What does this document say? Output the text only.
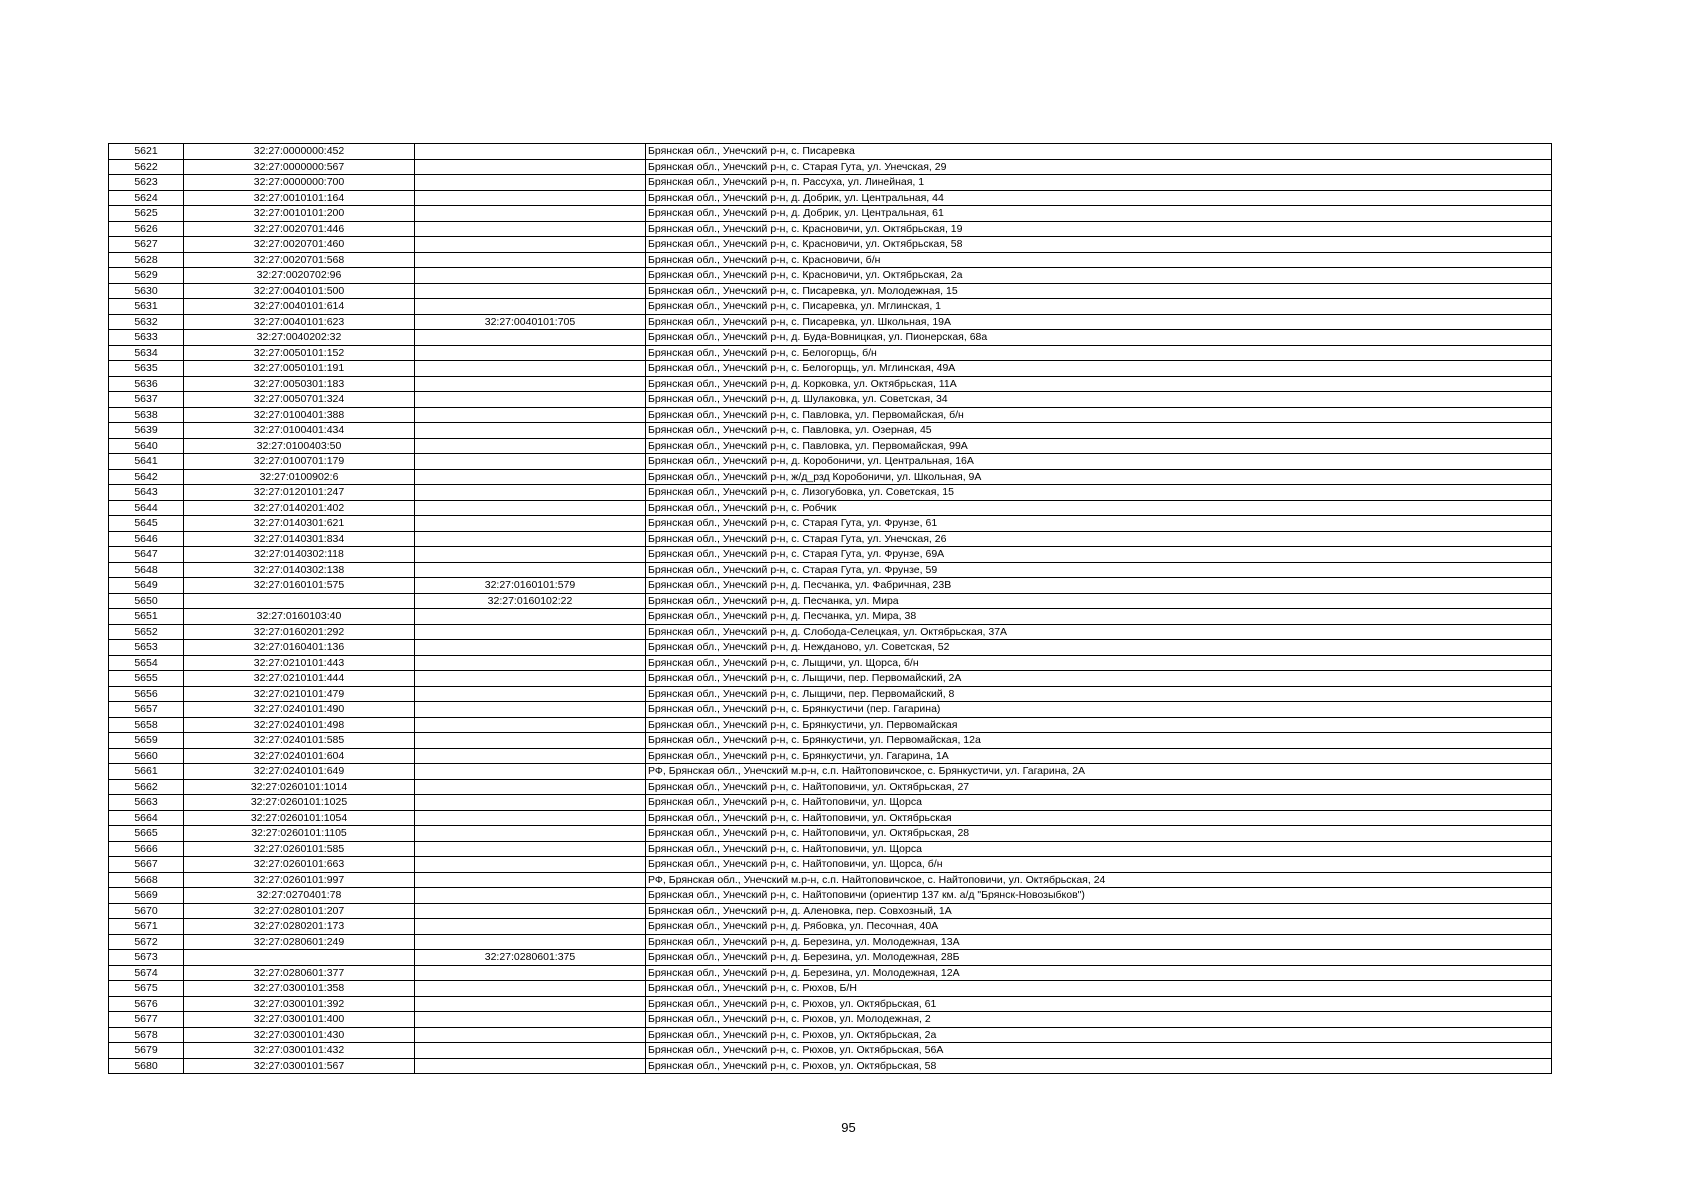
5621	32:27:0000000:452		Брянская обл., Унечский р-н, с. Писаревка
5622	32:27:0000000:567		Брянская обл., Унечский р-н, с. Старая Гута, ул. Унечская, 29
5623	32:27:0000000:700		Брянская обл., Унечский р-н, п. Рассуха, ул. Линейная, 1
5624	32:27:0010101:164		Брянская обл., Унечский р-н, д. Добрик, ул. Центральная, 44
5625	32:27:0010101:200		Брянская обл., Унечский р-н, д. Добрик, ул. Центральная, 61
5626	32:27:0020701:446		Брянская обл., Унечский р-н, с. Красновичи, ул. Октябрьская, 19
5627	32:27:0020701:460		Брянская обл., Унечский р-н, с. Красновичи, ул. Октябрьская, 58
5628	32:27:0020701:568		Брянская обл., Унечский р-н, с. Красновичи, б/н
5629	32:27:0020702:96		Брянская обл., Унечский р-н, с. Красновичи, ул. Октябрьская, 2а
5630	32:27:0040101:500		Брянская обл., Унечский р-н, с. Писаревка, ул. Молодежная, 15
5631	32:27:0040101:614		Брянская обл., Унечский р-н, с. Писаревка, ул. Мглинская, 1
5632	32:27:0040101:623	32:27:0040101:705	Брянская обл., Унечский р-н, с. Писаревка, ул. Школьная, 19А
5633	32:27:0040202:32		Брянская обл., Унечский р-н, д. Буда-Вовницкая, ул. Пионерская, 68а
5634	32:27:0050101:152		Брянская обл., Унечский р-н, с. Белогорщь, б/н
5635	32:27:0050101:191		Брянская обл., Унечский р-н, с. Белогорщь, ул. Мглинская, 49А
5636	32:27:0050301:183		Брянская обл., Унечский р-н, д. Корковка, ул. Октябрьская, 11А
5637	32:27:0050701:324		Брянская обл., Унечский р-н, д. Шулаковка, ул. Советская, 34
5638	32:27:0100401:388		Брянская обл., Унечский р-н, с. Павловка, ул. Первомайская, б/н
5639	32:27:0100401:434		Брянская обл., Унечский р-н, с. Павловка, ул. Озерная, 45
5640	32:27:0100403:50		Брянская обл., Унечский р-н, с. Павловка, ул. Первомайская, 99А
5641	32:27:0100701:179		Брянская обл., Унечский р-н, д. Коробоничи, ул. Центральная, 16А
5642	32:27:0100902:6		Брянская обл., Унечский р-н, ж/д_рзд Коробоничи, ул. Школьная, 9А
5643	32:27:0120101:247		Брянская обл., Унечский р-н, с. Лизогубовка, ул. Советская, 15
5644	32:27:0140201:402		Брянская обл., Унечский р-н, с. Робчик
5645	32:27:0140301:621		Брянская обл., Унечский р-н, с. Старая Гута, ул. Фрунзе, 61
5646	32:27:0140301:834		Брянская обл., Унечский р-н, с. Старая Гута, ул. Унечская, 26
5647	32:27:0140302:118		Брянская обл., Унечский р-н, с. Старая Гута, ул. Фрунзе, 69А
5648	32:27:0140302:138		Брянская обл., Унечский р-н, с. Старая Гута, ул. Фрунзе, 59
5649	32:27:0160101:575	32:27:0160101:579	Брянская обл., Унечский р-н, д. Песчанка, ул. Фабричная, 23В
5650		32:27:0160102:22	Брянская обл., Унечский р-н, д. Песчанка, ул. Мира
5651	32:27:0160103:40		Брянская обл., Унечский р-н, д. Песчанка, ул. Мира, 38
5652	32:27:0160201:292		Брянская обл., Унечский р-н, д. Слобода-Селецкая, ул. Октябрьская, 37А
5653	32:27:0160401:136		Брянская обл., Унечский р-н, д. Нежданово, ул. Советская, 52
5654	32:27:0210101:443		Брянская обл., Унечский р-н, с. Лыщичи, ул. Щорса, б/н
5655	32:27:0210101:444		Брянская обл., Унечский р-н, с. Лыщичи, пер. Первомайский, 2А
5656	32:27:0210101:479		Брянская обл., Унечский р-н, с. Лыщичи, пер. Первомайский, 8
5657	32:27:0240101:490		Брянская обл., Унечский р-н, с. Брянкустичи (пер. Гагарина)
5658	32:27:0240101:498		Брянская обл., Унечский р-н, с. Брянкустичи, ул. Первомайская
5659	32:27:0240101:585		Брянская обл., Унечский р-н, с. Брянкустичи, ул. Первомайская, 12а
5660	32:27:0240101:604		Брянская обл., Унечский р-н, с. Брянкустичи, ул. Гагарина, 1А
5661	32:27:0240101:649		РФ, Брянская обл., Унечский м.р-н, с.п. Найтоповичское, с. Брянкустичи, ул. Гагарина, 2А
5662	32:27:0260101:1014		Брянская обл., Унечский р-н, с. Найтоповичи, ул. Октябрьская, 27
5663	32:27:0260101:1025		Брянская обл., Унечский р-н, с. Найтоповичи, ул. Щорса
5664	32:27:0260101:1054		Брянская обл., Унечский р-н, с. Найтоповичи, ул. Октябрьская
5665	32:27:0260101:1105		Брянская обл., Унечский р-н, с. Найтоповичи, ул. Октябрьская, 28
5666	32:27:0260101:585		Брянская обл., Унечский р-н, с. Найтоповичи, ул. Щорса
5667	32:27:0260101:663		Брянская обл., Унечский р-н, с. Найтоповичи, ул. Щорса, б/н
5668	32:27:0260101:997		РФ, Брянская обл., Унечский м.р-н, с.п. Найтоповичское, с. Найтоповичи, ул. Октябрьская, 24
5669	32:27:0270401:78		Брянская обл., Унечский р-н, с. Найтоповичи (ориентир 137 км. а/д "Брянск-Новозыбков")
5670	32:27:0280101:207		Брянская обл., Унечский р-н, д. Аленовка, пер. Совхозный, 1А
5671	32:27:0280201:173		Брянская обл., Унечский р-н, д. Рябовка, ул. Песочная, 40А
5672	32:27:0280601:249		Брянская обл., Унечский р-н, д. Березина, ул. Молодежная, 13А
5673		32:27:0280601:375	Брянская обл., Унечский р-н, д. Березина, ул. Молодежная, 28Б
5674	32:27:0280601:377		Брянская обл., Унечский р-н, д. Березина, ул. Молодежная, 12А
5675	32:27:0300101:358		Брянская обл., Унечский р-н, с. Рюхов, Б/Н
5676	32:27:0300101:392		Брянская обл., Унечский р-н, с. Рюхов, ул. Октябрьская, 61
5677	32:27:0300101:400		Брянская обл., Унечский р-н, с. Рюхов, ул. Молодежная, 2
5678	32:27:0300101:430		Брянская обл., Унечский р-н, с. Рюхов, ул. Октябрьская, 2а
5679	32:27:0300101:432		Брянская обл., Унечский р-н, с. Рюхов, ул. Октябрьская, 56А
5680	32:27:0300101:567		Брянская обл., Унечский р-н, с. Рюхов, ул. Октябрьская, 58
95
